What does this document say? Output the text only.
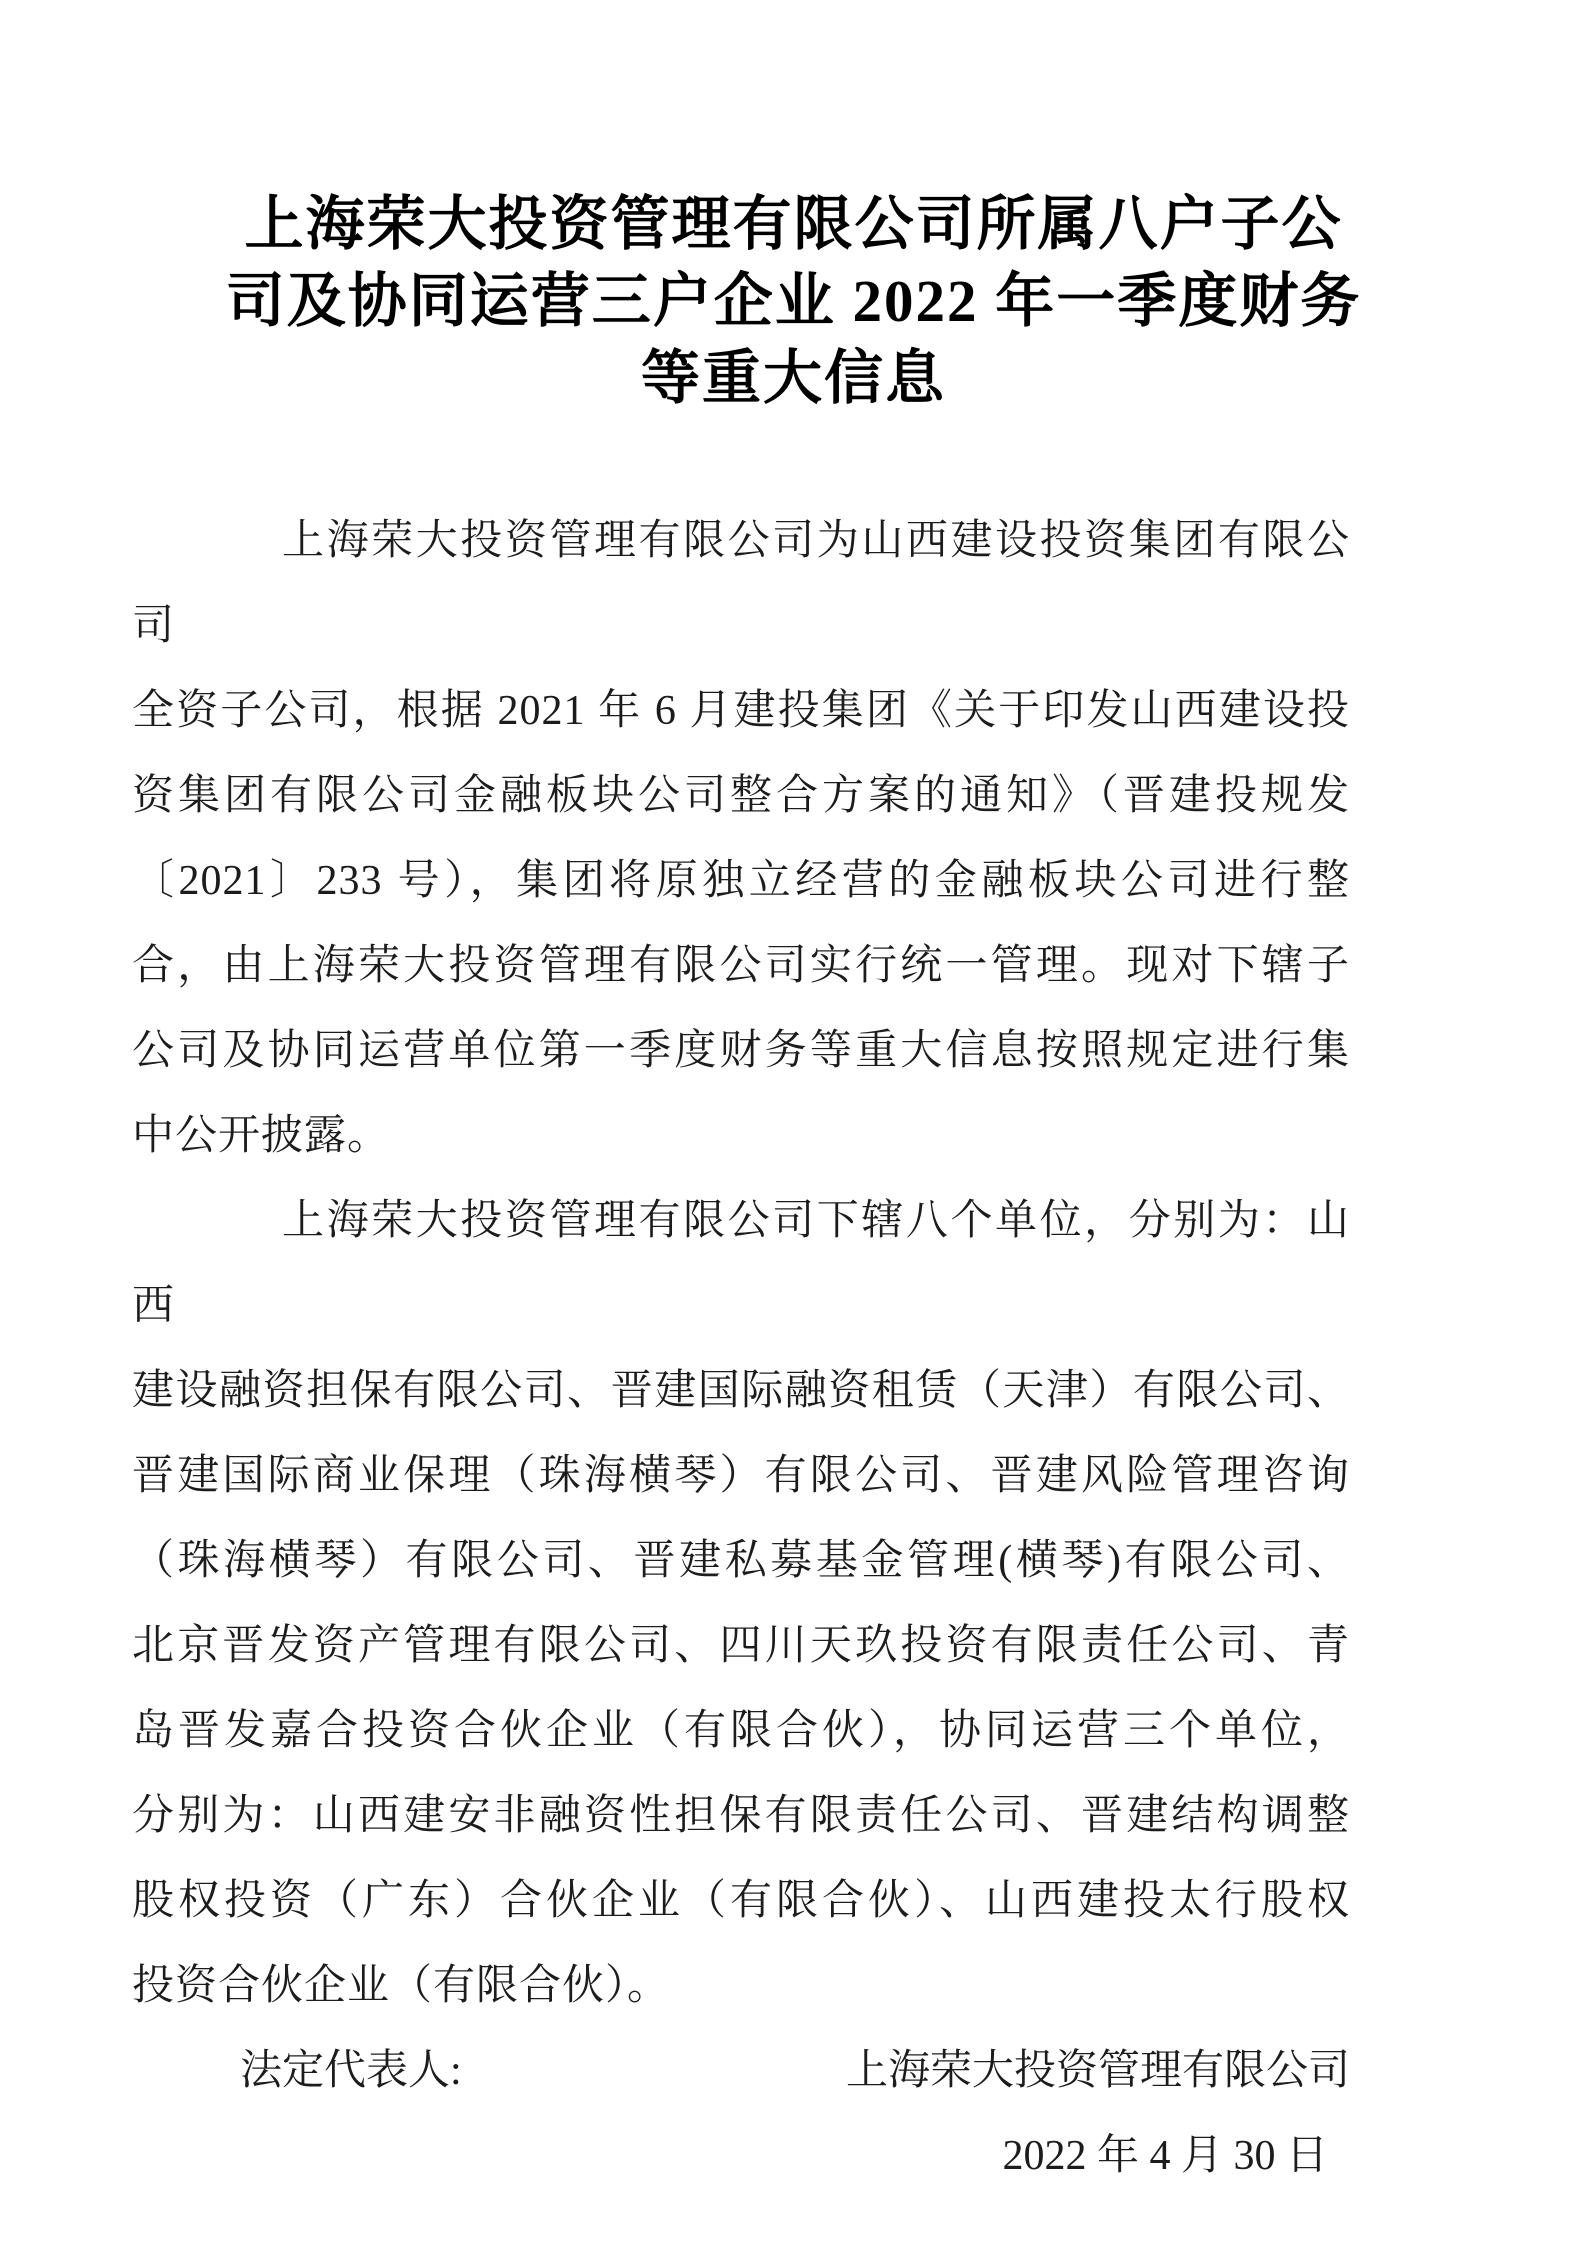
上海荣大投资管理有限公司所属八户子公
司及协同运营三户企业 2022 年一季度财务
等重大信息
上海荣大投资管理有限公司为山西建设投资集团有限公司
全资子公司，根据 2021 年 6 月建投集团《关于印发山西建设投
资集团有限公司金融板块公司整合方案的通知》（晋建投规发
〔2021〕233 号），集团将原独立经营的金融板块公司进行整
合，由上海荣大投资管理有限公司实行统一管理。现对下辖子
公司及协同运营单位第一季度财务等重大信息按照规定进行集
中公开披露。
上海荣大投资管理有限公司下辖八个单位，分别为：山西
建设融资担保有限公司、晋建国际融资租赁（天津）有限公司、
晋建国际商业保理（珠海横琴）有限公司、晋建风险管理咨询
（珠海横琴）有限公司、晋建私募基金管理(横琴)有限公司、
北京晋发资产管理有限公司、四川天玖投资有限责任公司、青
岛晋发嘉合投资合伙企业（有限合伙），协同运营三个单位，
分别为：山西建安非融资性担保有限责任公司、晋建结构调整
股权投资（广东）合伙企业（有限合伙）、山西建投太行股权
投资合伙企业（有限合伙）。
法定代表人:	上海荣大投资管理有限公司
2022 年 4 月 30 日
